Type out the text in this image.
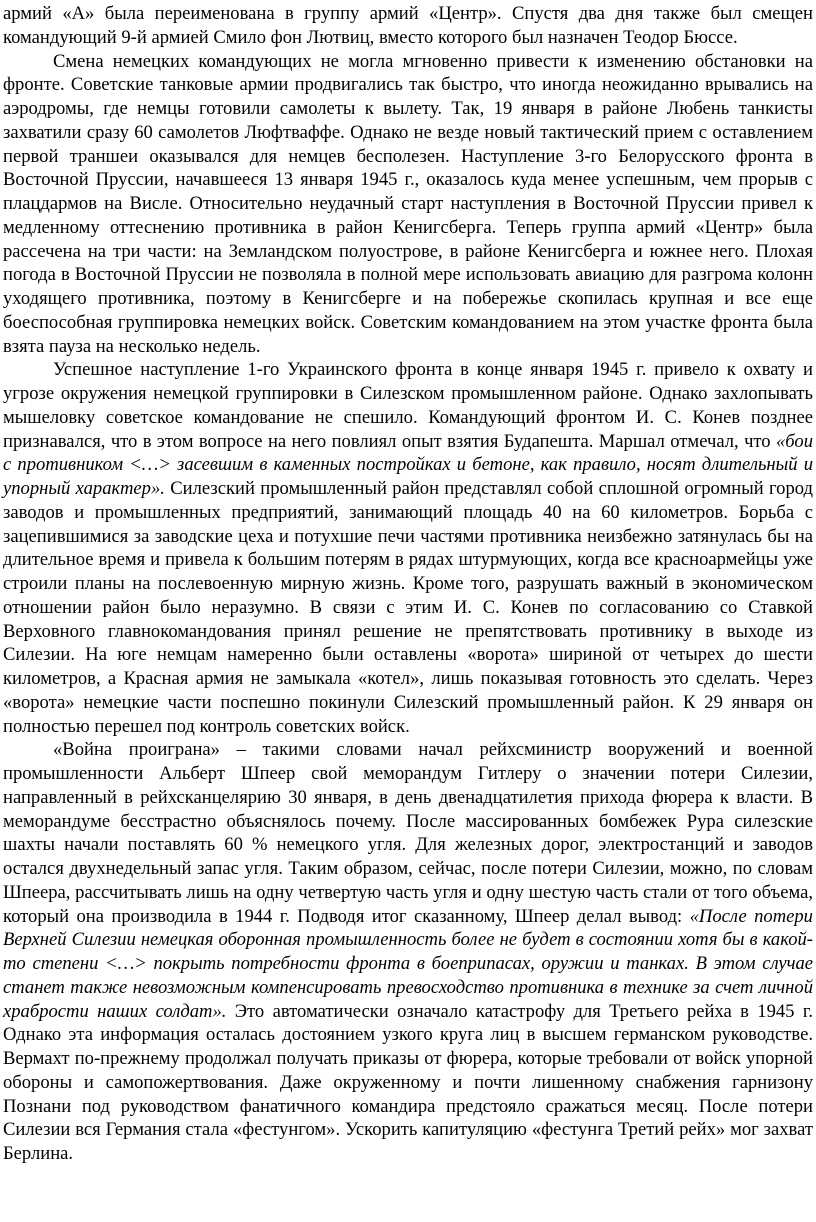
армий «А» была переименована в группу армий «Центр». Спустя два дня также был смещен командующий 9-й армией Смило фон Лютвиц, вместо которого был назначен Теодор Бюссе.

Смена немецких командующих не могла мгновенно привести к изменению обстановки на фронте. Советские танковые армии продвигались так быстро, что иногда неожиданно врывались на аэродромы, где немцы готовили самолеты к вылету. Так, 19 января в районе Любень танкисты захватили сразу 60 самолетов Люфтваффе. Однако не везде новый тактический прием с оставлением первой траншеи оказывался для немцев бесполезен. Наступление 3-го Белорусского фронта в Восточной Пруссии, начавшееся 13 января 1945 г., оказалось куда менее успешным, чем прорыв с плацдармов на Висле. Относительно неудачный старт наступления в Восточной Пруссии привел к медленному оттеснению противника в район Кенигсберга. Теперь группа армий «Центр» была рассечена на три части: на Земландском полуострове, в районе Кенигсберга и южнее него. Плохая погода в Восточной Пруссии не позволяла в полной мере использовать авиацию для разгрома колонн уходящего противника, поэтому в Кенигсберге и на побережье скопилась крупная и все еще боеспособная группировка немецких войск. Советским командованием на этом участке фронта была взята пауза на несколько недель.

Успешное наступление 1-го Украинского фронта в конце января 1945 г. привело к охвату и угрозе окружения немецкой группировки в Силезском промышленном районе. Однако захлопывать мышеловку советское командование не спешило. Командующий фронтом И. С. Конев позднее признавался, что в этом вопросе на него повлиял опыт взятия Будапешта. Маршал отмечал, что «бои с противником <…> засевшим в каменных постройках и бетоне, как правило, носят длительный и упорный характер». Силезский промышленный район представлял собой сплошной огромный город заводов и промышленных предприятий, занимающий площадь 40 на 60 километров. Борьба с зацепившимися за заводские цеха и потухшие печи частями противника неизбежно затянулась бы на длительное время и привела к большим потерям в рядах штурмующих, когда все красноармейцы уже строили планы на послевоенную мирную жизнь. Кроме того, разрушать важный в экономическом отношении район было неразумно. В связи с этим И. С. Конев по согласованию со Ставкой Верховного главнокомандования принял решение не препятствовать противнику в выходе из Силезии. На юге немцам намеренно были оставлены «ворота» шириной от четырех до шести километров, а Красная армия не замыкала «котел», лишь показывая готовность это сделать. Через «ворота» немецкие части поспешно покинули Силезский промышленный район. К 29 января он полностью перешел под контроль советских войск.

«Война проиграна» – такими словами начал рейхсминистр вооружений и военной промышленности Альберт Шпеер свой меморандум Гитлеру о значении потери Силезии, направленный в рейхсканцелярию 30 января, в день двенадцатилетия прихода фюрера к власти. В меморандуме бесстрастно объяснялось почему. После массированных бомбежек Рура силезские шахты начали поставлять 60 % немецкого угля. Для железных дорог, электростанций и заводов остался двухнедельный запас угля. Таким образом, сейчас, после потери Силезии, можно, по словам Шпеера, рассчитывать лишь на одну четвертую часть угля и одну шестую часть стали от того объема, который она производила в 1944 г. Подводя итог сказанному, Шпеер делал вывод: «После потери Верхней Силезии немецкая оборонная промышленность более не будет в состоянии хотя бы в какой-то степени <…> покрыть потребности фронта в боеприпасах, оружии и танках. В этом случае станет также невозможным компенсировать превосходство противника в технике за счет личной храбрости наших солдат». Это автоматически означало катастрофу для Третьего рейха в 1945 г. Однако эта информация осталась достоянием узкого круга лиц в высшем германском руководстве. Вермахт по-прежнему продолжал получать приказы от фюрера, которые требовали от войск упорной обороны и самопожертвования. Даже окруженному и почти лишенному снабжения гарнизону Познани под руководством фанатичного командира предстояло сражаться месяц. После потери Силезии вся Германия стала «фестунгом». Ускорить капитуляцию «фестунга Третий рейх» мог захват Берлина.
